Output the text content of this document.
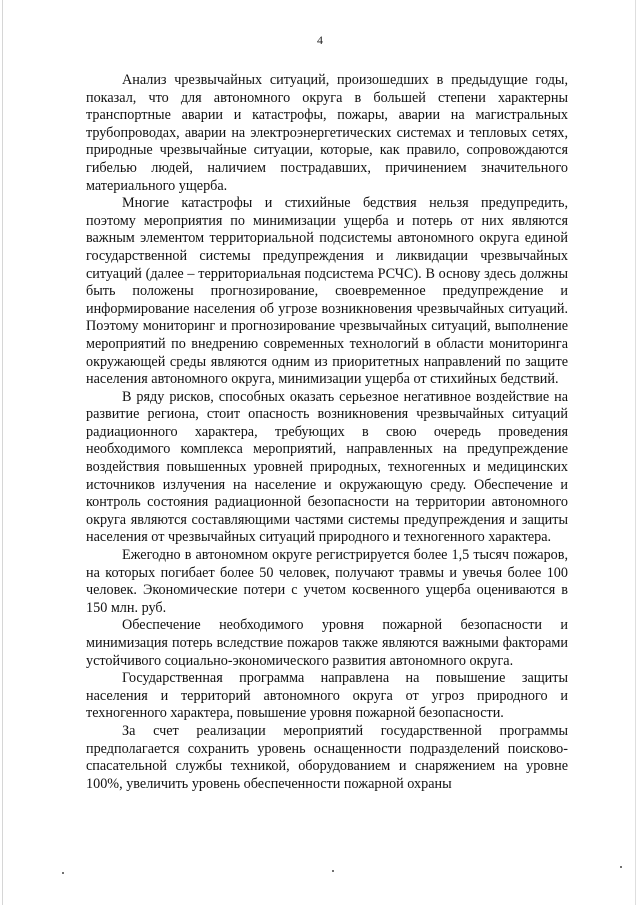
4

Анализ чрезвычайных ситуаций, произошедших в предыдущие годы, показал, что для автономного округа в большей степени характерны транспортные аварии и катастрофы, пожары, аварии на магистральных трубопроводах, аварии на электроэнергетических системах и тепловых сетях, природные чрезвычайные ситуации, которые, как правило, сопровождаются гибелью людей, наличием пострадавших, причинением значительного материального ущерба.

Многие катастрофы и стихийные бедствия нельзя предупредить, поэтому мероприятия по минимизации ущерба и потерь от них являются важным элементом территориальной подсистемы автономного округа единой государственной системы предупреждения и ликвидации чрезвычайных ситуаций (далее – территориальная подсистема РСЧС). В основу здесь должны быть положены прогнозирование, своевременное предупреждение и информирование населения об угрозе возникновения чрезвычайных ситуаций. Поэтому мониторинг и прогнозирование чрезвычайных ситуаций, выполнение мероприятий по внедрению современных технологий в области мониторинга окружающей среды являются одним из приоритетных направлений по защите населения автономного округа, минимизации ущерба от стихийных бедствий.

В ряду рисков, способных оказать серьезное негативное воздействие на развитие региона, стоит опасность возникновения чрезвычайных ситуаций радиационного характера, требующих в свою очередь проведения необходимого комплекса мероприятий, направленных на предупреждение воздействия повышенных уровней природных, техногенных и медицинских источников излучения на население и окружающую среду. Обеспечение и контроль состояния радиационной безопасности на территории автономного округа являются составляющими частями системы предупреждения и защиты населения от чрезвычайных ситуаций природного и техногенного характера.

Ежегодно в автономном округе регистрируется более 1,5 тысяч пожаров, на которых погибает более 50 человек, получают травмы и увечья более 100 человек. Экономические потери с учетом косвенного ущерба оцениваются в 150 млн. руб.

Обеспечение необходимого уровня пожарной безопасности и минимизация потерь вследствие пожаров также являются важными факторами устойчивого социально-экономического развития автономного округа.

Государственная программа направлена на повышение защиты населения и территорий автономного округа от угроз природного и техногенного характера, повышение уровня пожарной безопасности.

За счет реализации мероприятий государственной программы предполагается сохранить уровень оснащенности подразделений поисково-спасательной службы техникой, оборудованием и снаряжением на уровне 100%, увеличить уровень обеспеченности пожарной охраны
